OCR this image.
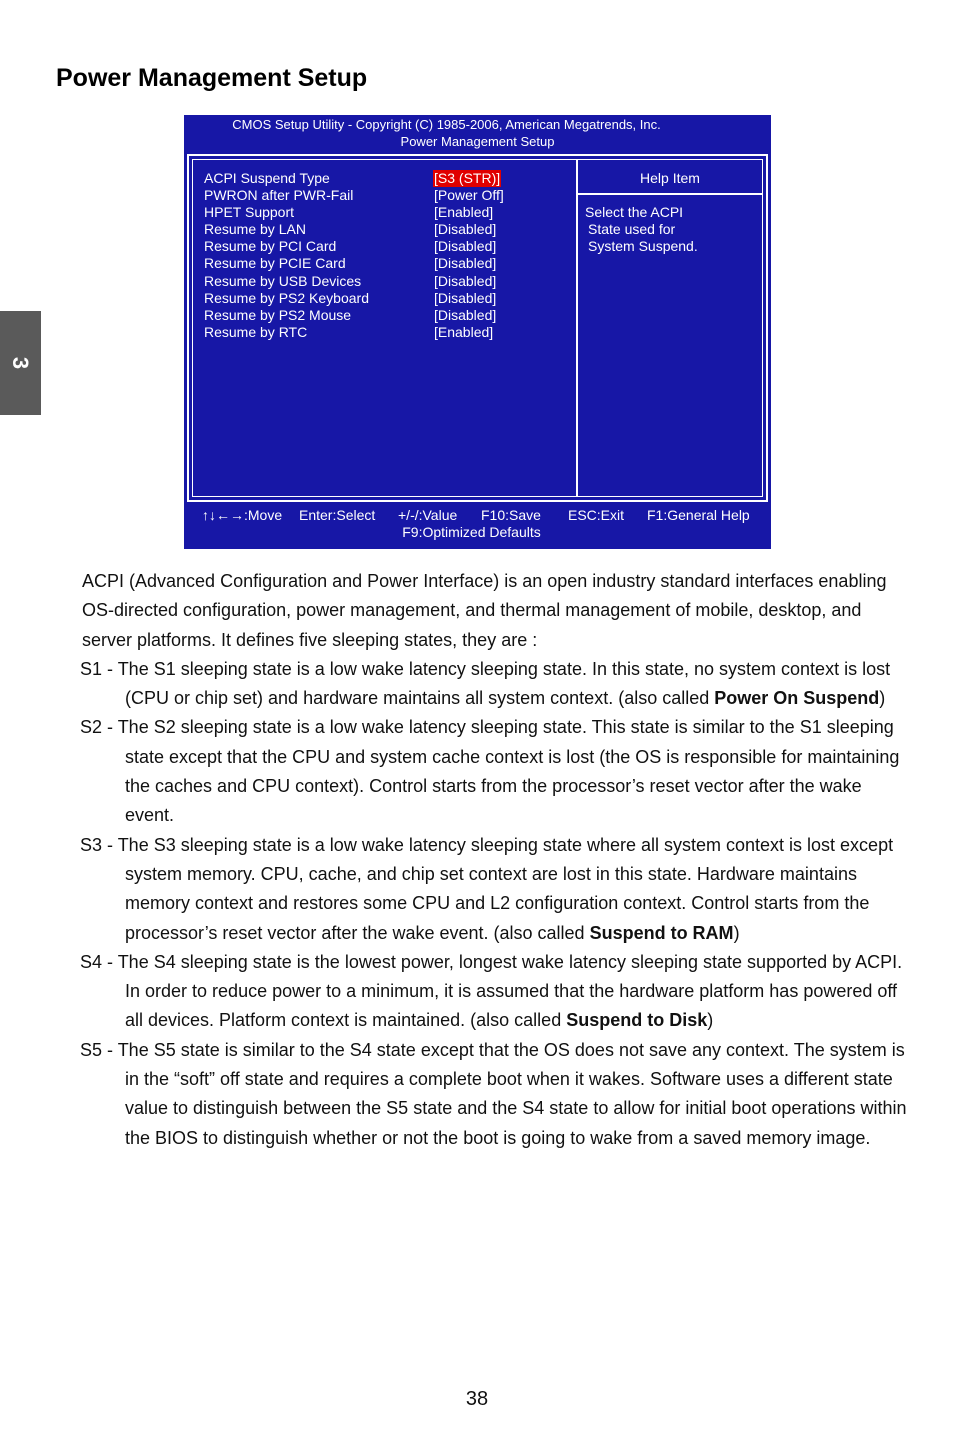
3
Power Management Setup
CMOS Setup Utility - Copyright (C) 1985-2006, American Megatrends, Inc.
Power Management Setup
ACPI Suspend Type	[S3 (STR)]
PWRON after PWR-Fail	[Power Off]
HPET Support	[Enabled]
Resume by LAN	[Disabled]
Resume by PCI Card	[Disabled]
Resume by PCIE Card	[Disabled]
Resume by USB Devices	[Disabled]
Resume by PS2 Keyboard	[Disabled]
Resume by PS2 Mouse	[Disabled]
Resume by RTC	[Enabled]
Help Item
Select the ACPI
State used for
System Suspend.
↑↓←→:Move Enter:Select +/-/:Value F10:Save ESC:Exit F1:General Help
F9:Optimized Defaults

ACPI (Advanced Configuration and Power Interface) is an open industry standard interfaces enabling OS-directed configuration, power management, and thermal management of mobile, desktop, and server platforms. It defines five sleeping states, they are :

S1 - The S1 sleeping state is a low wake latency sleeping state. In this state, no system context is lost (CPU or chip set) and hardware maintains all system context. (also called Power On Suspend)

S2 - The S2 sleeping state is a low wake latency sleeping state. This state is similar to the S1 sleeping state except that the CPU and system cache context is lost (the OS is responsible for maintaining the caches and CPU context). Control starts from the processor’s reset vector after the wake event.

S3 - The S3 sleeping state is a low wake latency sleeping state where all system context is lost except system memory. CPU, cache, and chip set context are lost in this state. Hardware maintains memory context and restores some CPU and L2 configuration context. Control starts from the processor’s reset vector after the wake event. (also called Suspend to RAM)

S4 - The S4 sleeping state is the lowest power, longest wake latency sleeping state supported by ACPI. In order to reduce power to a minimum, it is assumed that the hardware platform has powered off all devices. Platform context is maintained. (also called Suspend to Disk)

S5 - The S5 state is similar to the S4 state except that the OS does not save any context. The system is in the “soft” off state and requires a complete boot when it wakes. Software uses a different state value to distinguish between the S5 state and the S4 state to allow for initial boot operations within the BIOS to distinguish whether or not the boot is going to wake from a saved memory image.

38
